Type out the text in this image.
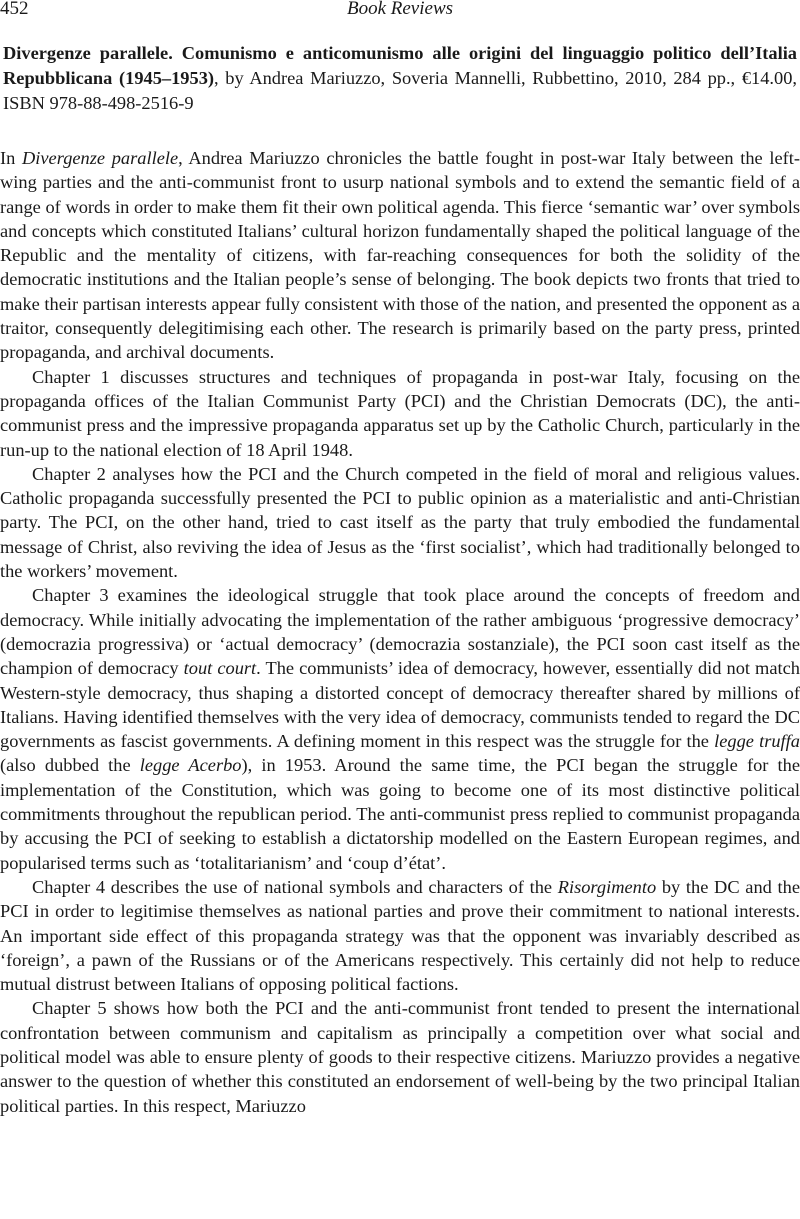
452	Book Reviews
Divergenze parallele. Comunismo e anticomunismo alle origini del linguaggio politico dell’Italia Repubblicana (1945–1953), by Andrea Mariuzzo, Soveria Mannelli, Rubbettino, 2010, 284 pp., €14.00, ISBN 978-88-498-2516-9

In Divergenze parallele, Andrea Mariuzzo chronicles the battle fought in post-war Italy between the left-wing parties and the anti-communist front to usurp national symbols and to extend the semantic field of a range of words in order to make them fit their own political agenda. This fierce ‘semantic war’ over symbols and concepts which constituted Italians’ cultural horizon fundamentally shaped the political language of the Republic and the mentality of citizens, with far-reaching consequences for both the solidity of the democratic institutions and the Italian people’s sense of belonging. The book depicts two fronts that tried to make their partisan interests appear fully consistent with those of the nation, and presented the opponent as a traitor, consequently delegitimising each other. The research is primarily based on the party press, printed propaganda, and archival documents.

Chapter 1 discusses structures and techniques of propaganda in post-war Italy, focusing on the propaganda offices of the Italian Communist Party (PCI) and the Christian Democrats (DC), the anti-communist press and the impressive propaganda apparatus set up by the Catholic Church, particularly in the run-up to the national election of 18 April 1948.

Chapter 2 analyses how the PCI and the Church competed in the field of moral and religious values. Catholic propaganda successfully presented the PCI to public opinion as a materialistic and anti-Christian party. The PCI, on the other hand, tried to cast itself as the party that truly embodied the fundamental message of Christ, also reviving the idea of Jesus as the ‘first socialist’, which had traditionally belonged to the workers’ movement.

Chapter 3 examines the ideological struggle that took place around the concepts of freedom and democracy. While initially advocating the implementation of the rather ambiguous ‘progressive democracy’ (democrazia progressiva) or ‘actual democracy’ (democrazia sostanziale), the PCI soon cast itself as the champion of democracy tout court. The communists’ idea of democracy, however, essentially did not match Western-style democracy, thus shaping a distorted concept of democracy thereafter shared by millions of Italians. Having identified themselves with the very idea of democracy, communists tended to regard the DC governments as fascist governments. A defining moment in this respect was the struggle for the legge truffa (also dubbed the legge Acerbo), in 1953. Around the same time, the PCI began the struggle for the implementation of the Constitution, which was going to become one of its most distinctive political commitments throughout the republican period. The anti-communist press replied to communist propaganda by accusing the PCI of seeking to establish a dictatorship modelled on the Eastern European regimes, and popularised terms such as ‘totalitarianism’ and ‘coup d’état’.

Chapter 4 describes the use of national symbols and characters of the Risorgimento by the DC and the PCI in order to legitimise themselves as national parties and prove their commitment to national interests. An important side effect of this propaganda strategy was that the opponent was invariably described as ‘foreign’, a pawn of the Russians or of the Americans respectively. This certainly did not help to reduce mutual distrust between Italians of opposing political factions.

Chapter 5 shows how both the PCI and the anti-communist front tended to present the international confrontation between communism and capitalism as principally a competition over what social and political model was able to ensure plenty of goods to their respective citizens. Mariuzzo provides a negative answer to the question of whether this constituted an endorsement of well-being by the two principal Italian political parties. In this respect, Mariuzzo
